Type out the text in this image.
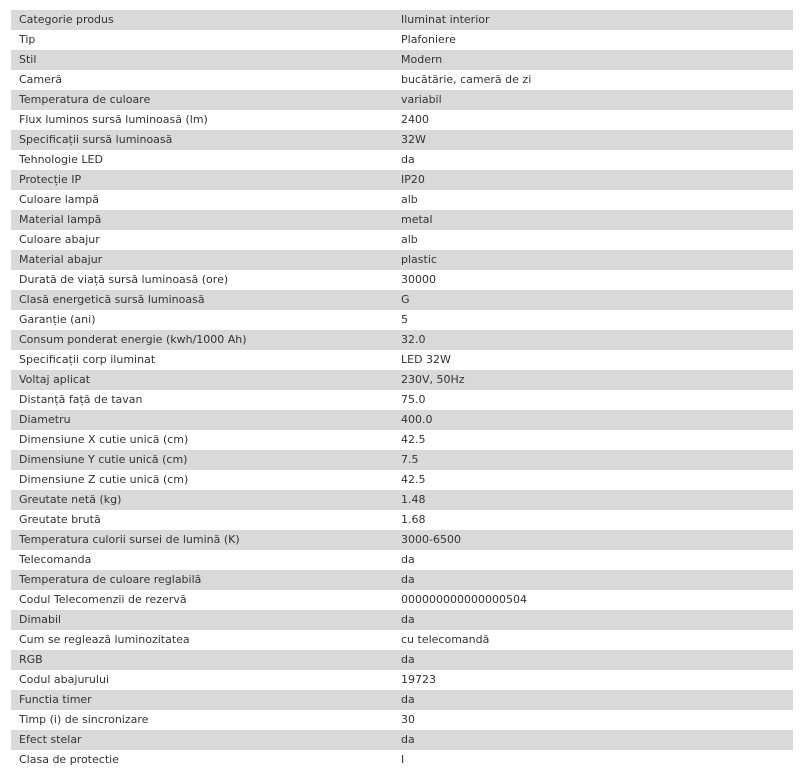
Categorie produs	Iluminat interior
Tip	Plafoniere
Stil	Modern
Cameră	bucătărie, cameră de zi
Temperatura de culoare	variabil
Flux luminos sursă luminoasă (lm)	2400
Specificații sursă luminoasă	32W
Tehnologie LED	da
Protecție IP	IP20
Culoare lampă	alb
Material lampă	metal
Culoare abajur	alb
Material abajur	plastic
Durată de viață sursă luminoasă (ore)	30000
Clasă energetică sursă luminoasă	G
Garanție (ani)	5
Consum ponderat energie (kwh/1000 Ah)	32.0
Specificații corp iluminat	LED 32W
Voltaj aplicat	230V, 50Hz
Distanță față de tavan	75.0
Diametru	400.0
Dimensiune X cutie unică (cm)	42.5
Dimensiune Y cutie unică (cm)	7.5
Dimensiune Z cutie unică (cm)	42.5
Greutate netă (kg)	1.48
Greutate brută	1.68
Temperatura culorii sursei de lumină (K)	3000-6500
Telecomanda	da
Temperatura de culoare reglabilă	da
Codul Telecomenzii de rezervă	000000000000000504
Dimabil	da
Cum se reglează luminozitatea	cu telecomandă
RGB	da
Codul abajurului	19723
Functia timer	da
Timp (i) de sincronizare	30
Efect stelar	da
Clasa de protectie	I
